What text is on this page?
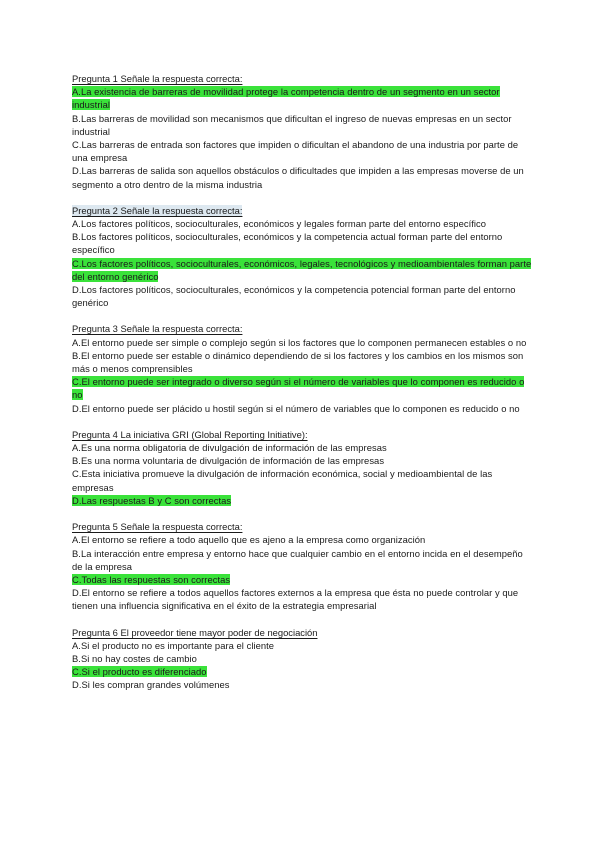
Pregunta 1 Señale la respuesta correcta:

A.La existencia de barreras de movilidad protege la competencia dentro de un segmento en un sector industrial

B.Las barreras de movilidad son mecanismos que dificultan el ingreso de nuevas empresas en un sector industrial

C.Las barreras de entrada son factores que impiden o dificultan el abandono de una industria por parte de una empresa

D.Las barreras de salida son aquellos obstáculos o dificultades que impiden a las empresas moverse de un segmento a otro dentro de la misma industria

Pregunta 2 Señale la respuesta correcta:

A.Los factores políticos, socioculturales, económicos y legales forman parte del entorno específico

B.Los factores políticos, socioculturales, económicos y la competencia actual forman parte del entorno específico

C.Los factores políticos, socioculturales, económicos, legales, tecnológicos y medioambientales forman parte del entorno genérico

D.Los factores políticos, socioculturales, económicos y la competencia potencial forman parte del entorno genérico

Pregunta 3 Señale la respuesta correcta:

A.El entorno puede ser simple o complejo según si los factores que lo componen permanecen estables o no

B.El entorno puede ser estable o dinámico dependiendo de si los factores y los cambios en los mismos son más o menos comprensibles

C.El entorno puede ser integrado o diverso según si el número de variables que lo componen es reducido o no

D.El entorno puede ser plácido u hostil según si el número de variables que lo componen es reducido o no

Pregunta 4 La iniciativa GRI (Global Reporting Initiative):

A.Es una norma obligatoria de divulgación de información de las empresas

B.Es una norma voluntaria de divulgación de información de las empresas

C.Esta iniciativa promueve la divulgación de información económica, social y medioambiental de las empresas

D.Las respuestas B y C son correctas

Pregunta 5 Señale la respuesta correcta:

A.El entorno se refiere a todo aquello que es ajeno a la empresa como organización

B.La interacción entre empresa y entorno hace que cualquier cambio en el entorno incida en el desempeño de la empresa

C.Todas las respuestas son correctas

D.El entorno se refiere a todos aquellos factores externos a la empresa que ésta no puede controlar y que tienen una influencia significativa en el éxito de la estrategia empresarial

Pregunta 6 El proveedor tiene mayor poder de negociación

A.Si el producto no es importante para el cliente

B.Si no hay costes de cambio

C.Si el producto es diferenciado

D.Si les compran grandes volúmenes
